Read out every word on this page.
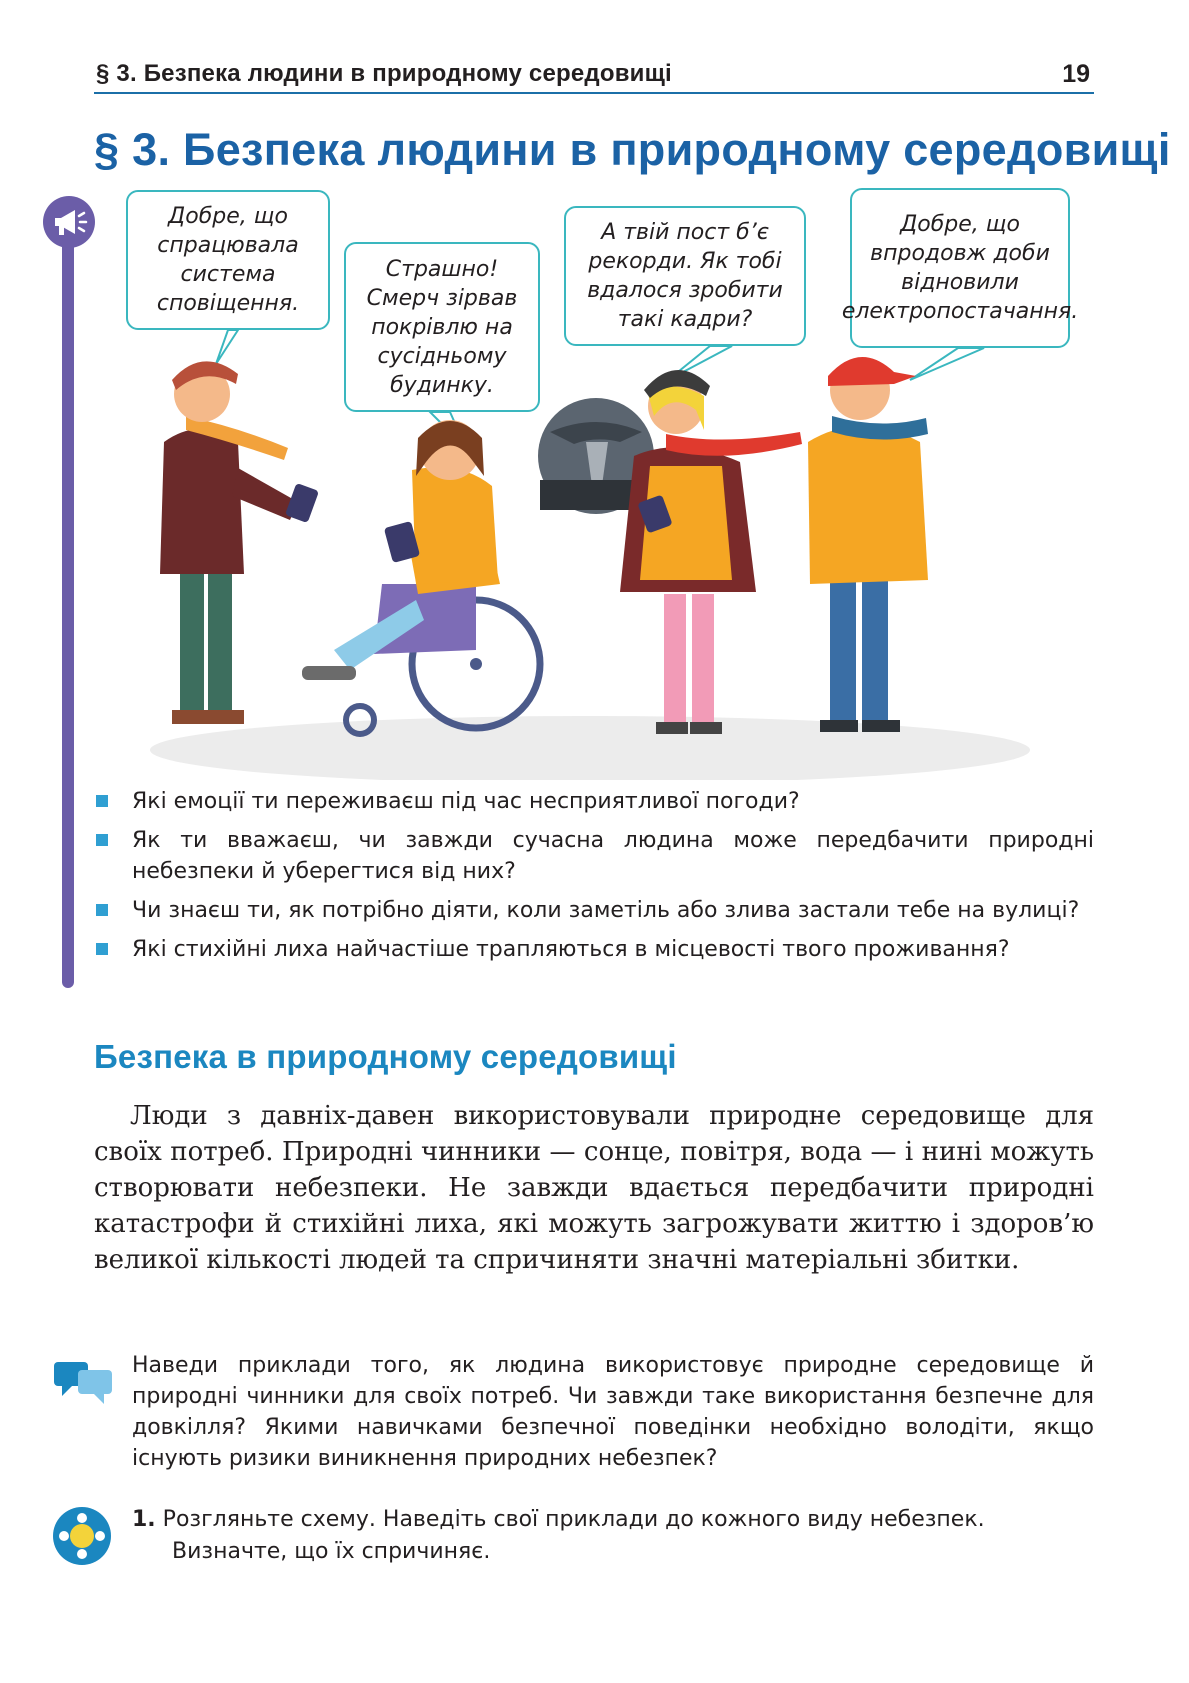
§ 3. Безпека людини в природному середовищі	19
§ 3. Безпека людини в природному середовищі
Добре, що спрацювала система сповіщення.
Страшно! Смерч зірвав покрівлю на сусідньому будинку.
А твій пост б’є рекорди. Як тобі вдалося зробити такі кадри?
Добре, що впродовж доби відновили електропостачання.
Які емоції ти переживаєш під час несприятливої погоди?
Як ти вважаєш, чи завжди сучасна людина може передбачити природні небезпеки й уберегтися від них?
Чи знаєш ти, як потрібно діяти, коли заметіль або злива застали тебе на вулиці?
Які стихійні лиха найчастіше трапляються в місцевості твого проживання?
Безпека в природному середовищі

Люди з давніх-давен використовували природне середовище для своїх потреб. Природні чинники — сонце, повітря, вода — і нині можуть створювати небезпеки. Не завжди вдається передбачити природні катастрофи й стихійні лиха, які можуть загрожувати життю і здоров’ю великої кількості людей та спричиняти значні матеріальні збитки.

Наведи приклади того, як людина використовує природне середовище й природні чинники для своїх потреб. Чи завжди таке використання безпечне для довкілля? Якими навичками безпечної поведінки необхідно володіти, якщо існують ризики виникнення природних небезпек?

1. Розгляньте схему. Наведіть свої приклади до кожного виду небезпек.
Визначте, що їх спричиняє.
